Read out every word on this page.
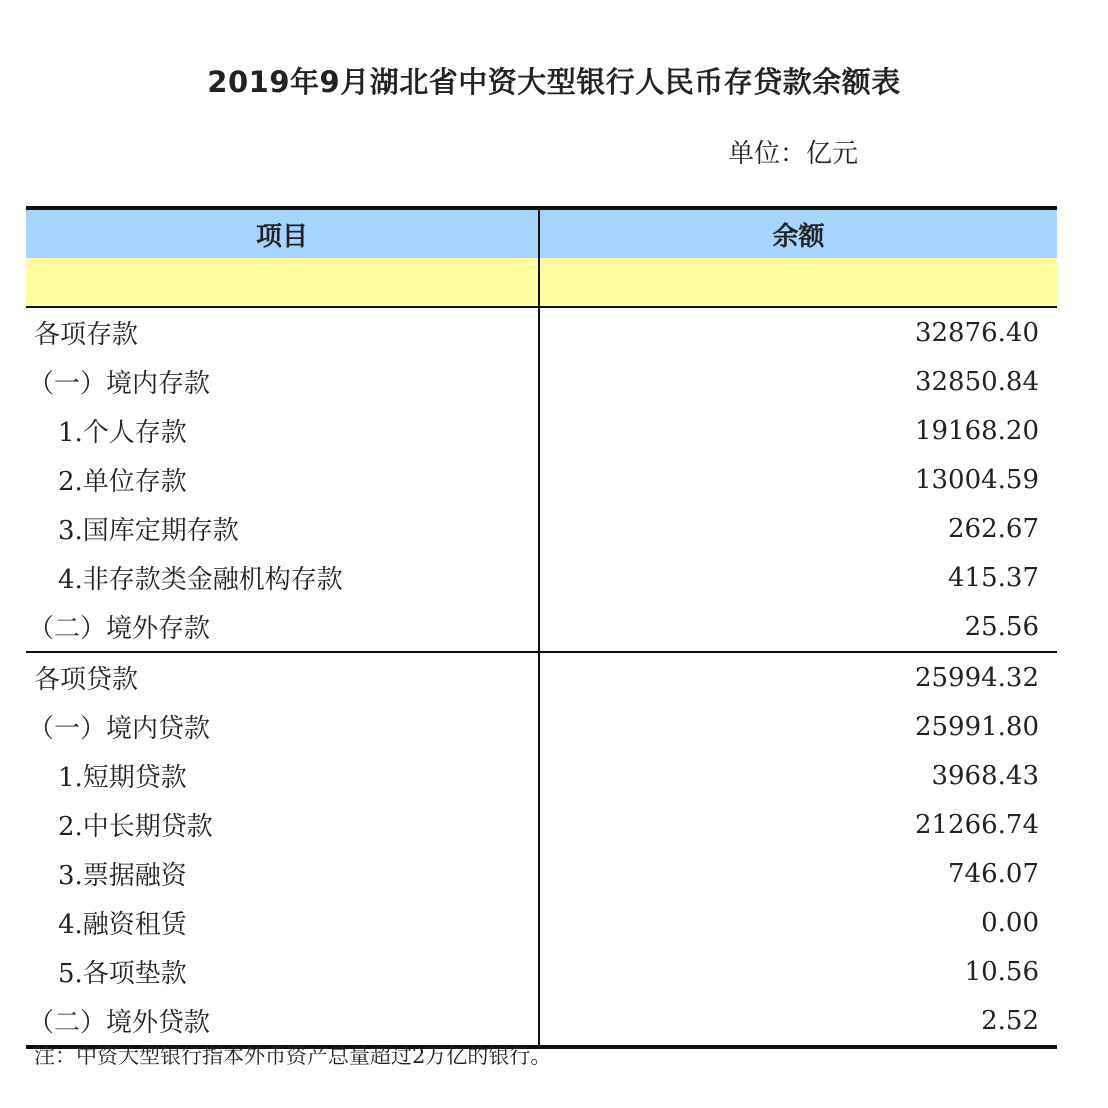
2019年9月湖北省中资大型银行人民币存贷款余额表
单位：亿元
项目	余额
各项存款	32876.40
（一）境内存款	32850.84
1.个人存款	19168.20
2.单位存款	13004.59
3.国库定期存款	262.67
4.非存款类金融机构存款	415.37
（二）境外存款	25.56
各项贷款	25994.32
（一）境内贷款	25991.80
1.短期贷款	3968.43
2.中长期贷款	21266.74
3.票据融资	746.07
4.融资租赁	0.00
5.各项垫款	10.56
（二）境外贷款	2.52
注：中资大型银行指本外币资产总量超过2万亿的银行。
